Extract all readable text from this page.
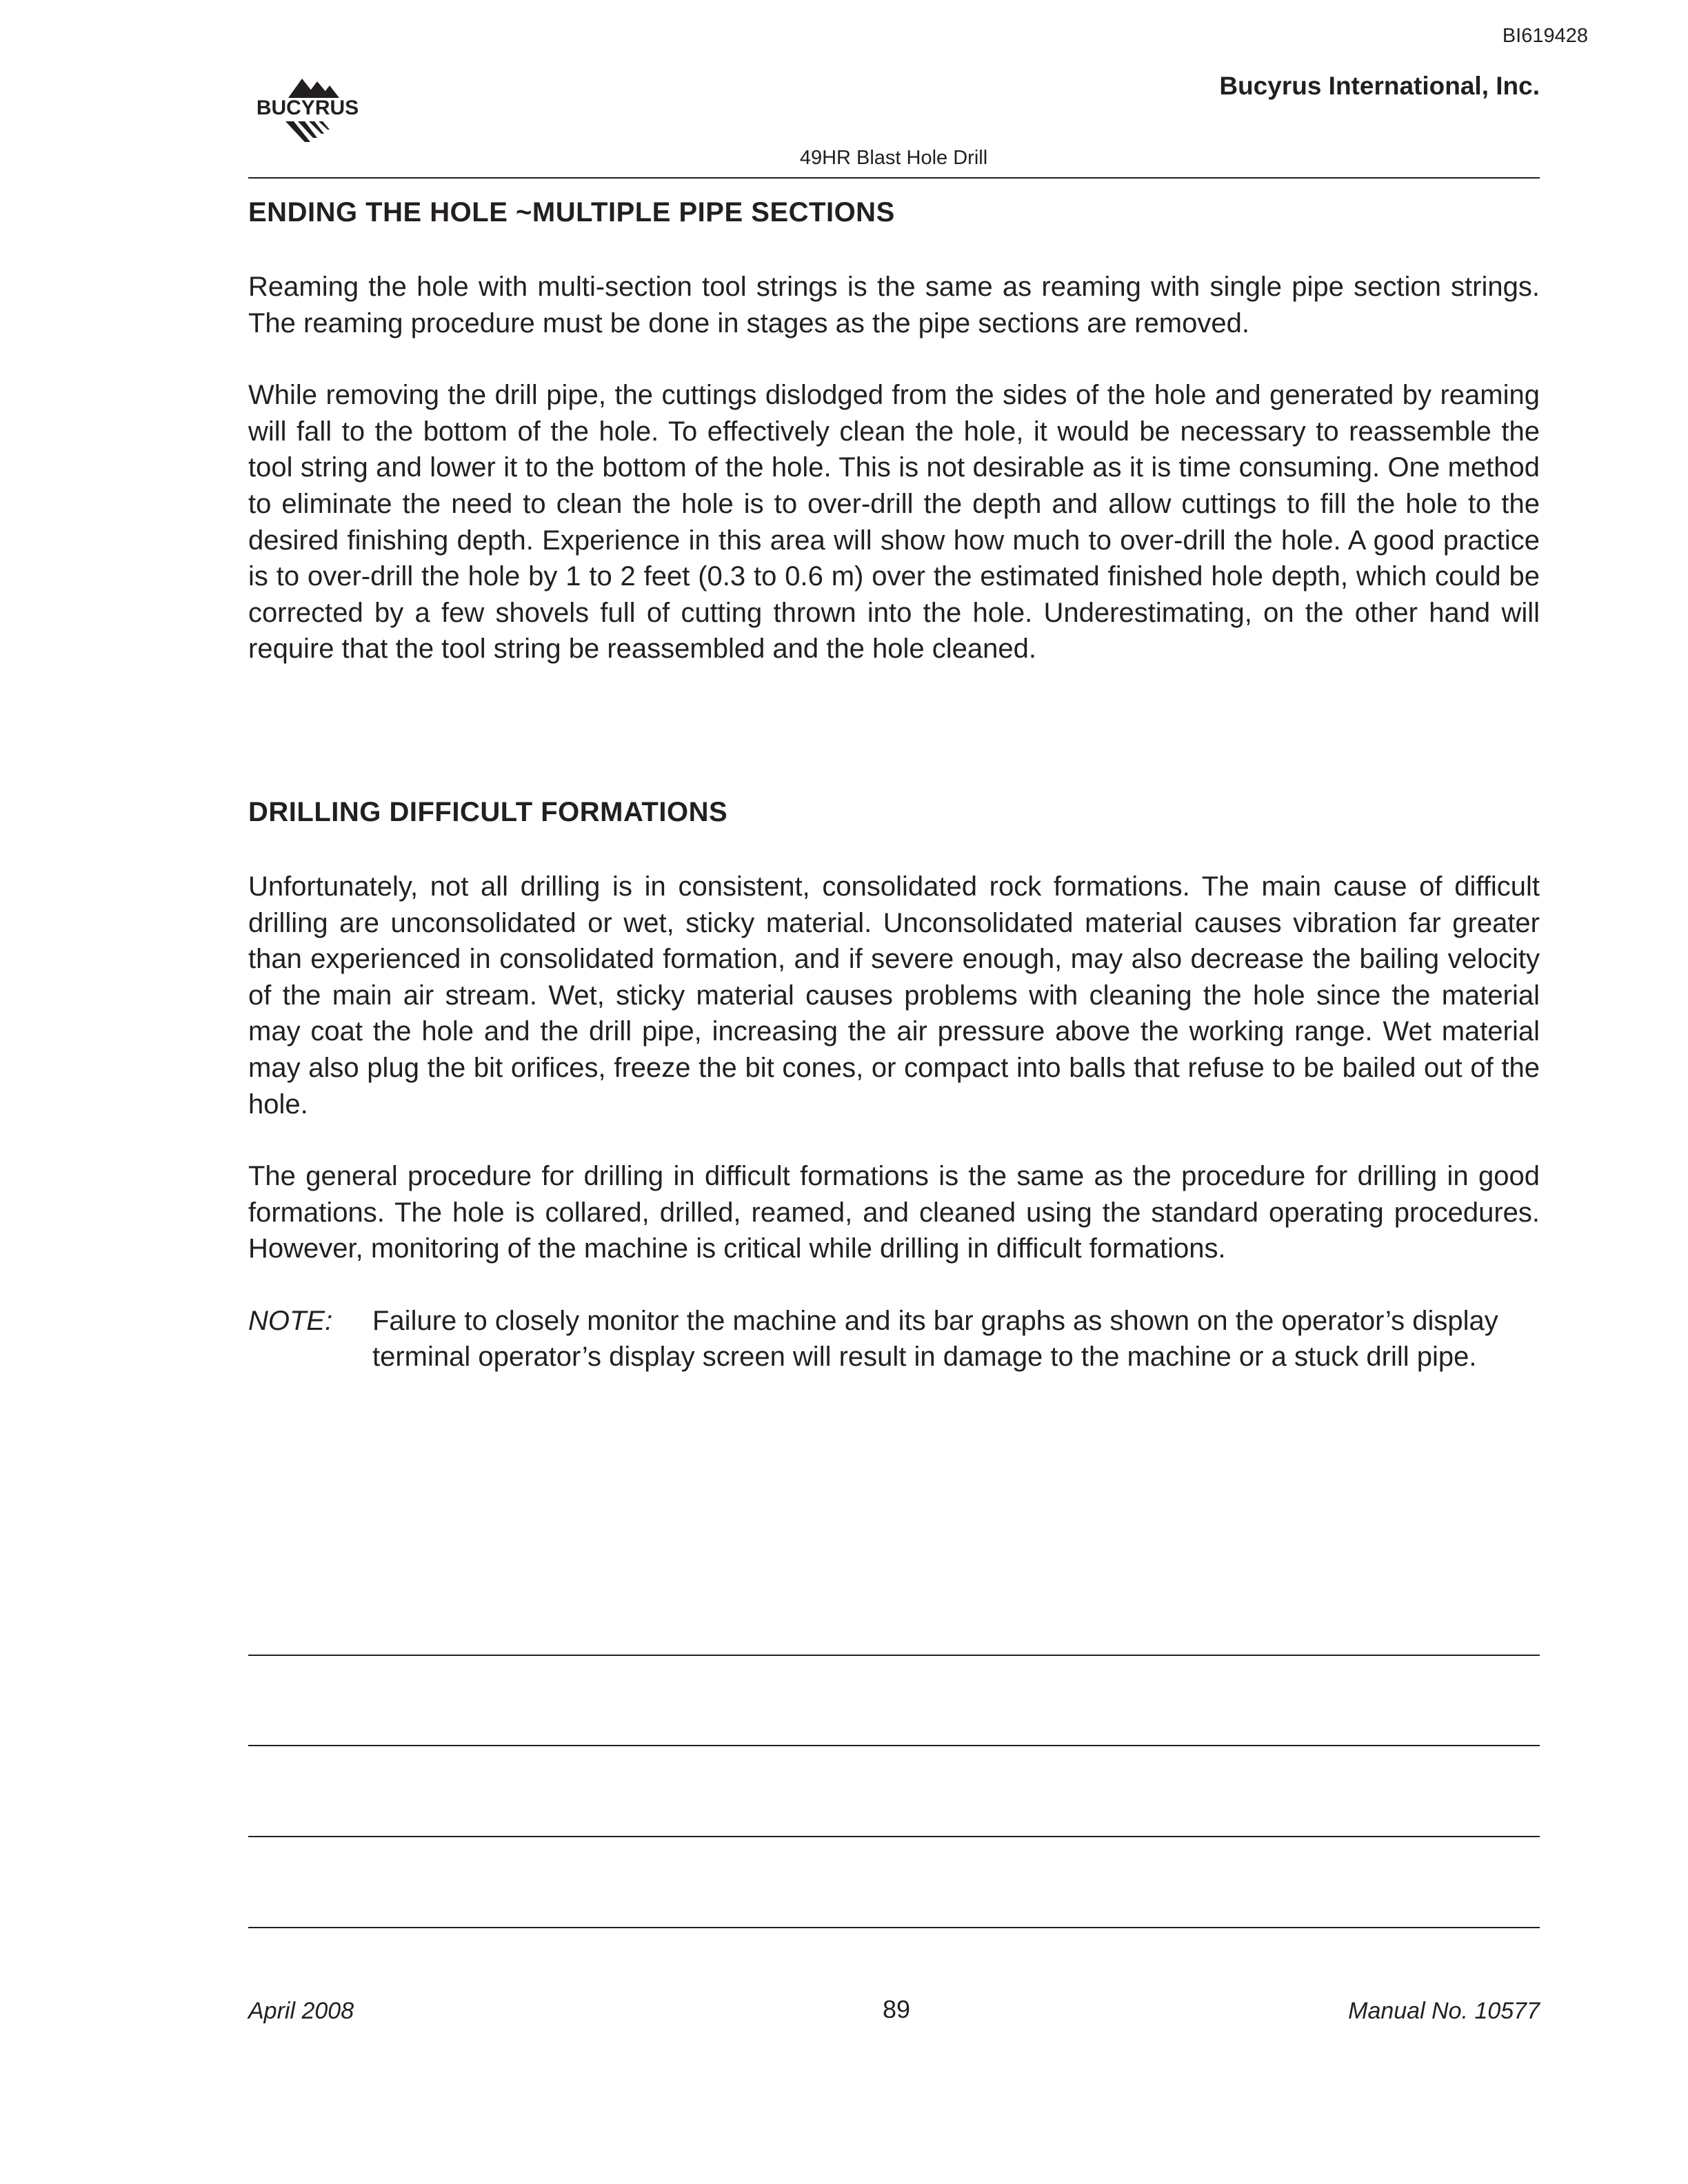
BI619428
BUCYRUS
Bucyrus International, Inc.
49HR Blast Hole Drill
ENDING THE HOLE ~MULTIPLE PIPE SECTIONS

Reaming the hole with multi-section tool strings is the same as reaming with single pipe section strings. The reaming procedure must be done in stages as the pipe sections are removed.

While removing the drill pipe, the cuttings dislodged from the sides of the hole and generated by reaming will fall to the bottom of the hole. To effectively clean the hole, it would be necessary to reassemble the tool string and lower it to the bottom of the hole. This is not desirable as it is time consuming. One method to eliminate the need to clean the hole is to over-drill the depth and allow cuttings to fill the hole to the desired finishing depth. Experience in this area will show how much to over-drill the hole. A good practice is to over-drill the hole by 1 to 2 feet (0.3 to 0.6 m) over the estimated finished hole depth, which could be corrected by a few shovels full of cutting thrown into the hole. Underestimating, on the other hand will require that the tool string be reassembled and the hole cleaned.

DRILLING DIFFICULT FORMATIONS

Unfortunately, not all drilling is in consistent, consolidated rock formations. The main cause of difficult drilling are unconsolidated or wet, sticky material. Unconsolidated material causes vibration far greater than experienced in consolidated formation, and if severe enough, may also decrease the bailing velocity of the main air stream. Wet, sticky material causes problems with cleaning the hole since the material may coat the hole and the drill pipe, increasing the air pressure above the working range. Wet material may also plug the bit orifices, freeze the bit cones, or compact into balls that refuse to be bailed out of the hole.

The general procedure for drilling in difficult formations is the same as the procedure for drilling in good formations. The hole is collared, drilled, reamed, and cleaned using the standard operating procedures. However, monitoring of the machine is critical while drilling in difficult formations.

NOTE:	Failure to closely monitor the machine and its bar graphs as shown on the operator’s display terminal operator’s display screen will result in damage to the machine or a stuck drill pipe.
April 2008	89	Manual No. 10577
